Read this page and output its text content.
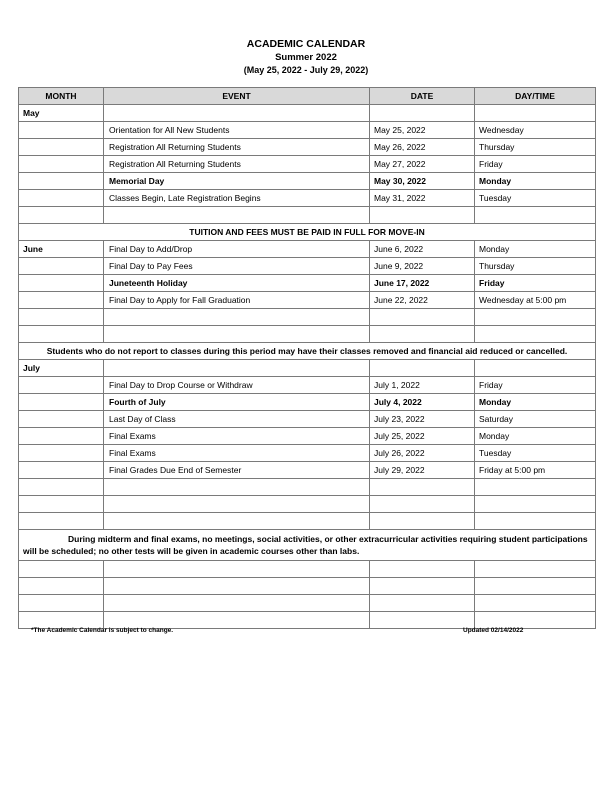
ACADEMIC CALENDAR
Summer 2022
(May 25, 2022 - July 29, 2022)
MONTH	EVENT	DATE	DAY/TIME
May			
	Orientation for All New Students	May 25, 2022	Wednesday
	Registration All Returning Students	May 26, 2022	Thursday
	Registration All Returning Students	May 27, 2022	Friday
	Memorial Day	May 30, 2022	Monday
	Classes Begin, Late Registration Begins	May 31, 2022	Tuesday

TUITION AND FEES MUST BE PAID IN FULL FOR MOVE-IN			
June	Final Day to Add/Drop	June 6, 2022	Monday
	Final Day to Pay Fees	June 9, 2022	Thursday
	Juneteenth Holiday	June 17, 2022	Friday
	Final Day to Apply for Fall Graduation	June 22, 2022	Wednesday at 5:00 pm

Students who do not report to classes during this period may have their classes removed and financial aid reduced or cancelled.			
July			
	Final Day to Drop Course or Withdraw	July 1, 2022	Friday
	Fourth of July	July 4, 2022	Monday
	Last Day of Class	July 23, 2022	Saturday
	Final Exams	July 25, 2022	Monday
	Final Exams	July 26, 2022	Tuesday
	Final Grades Due End of Semester	July 29, 2022	Friday at 5:00 pm

During midterm and final exams, no meetings, social activities, or other extracurricular activities requiring student participations will be scheduled; no other tests will be given in academic courses other than labs.			

*The Academic Calendar is subject to change.	Updated 02/14/2022
